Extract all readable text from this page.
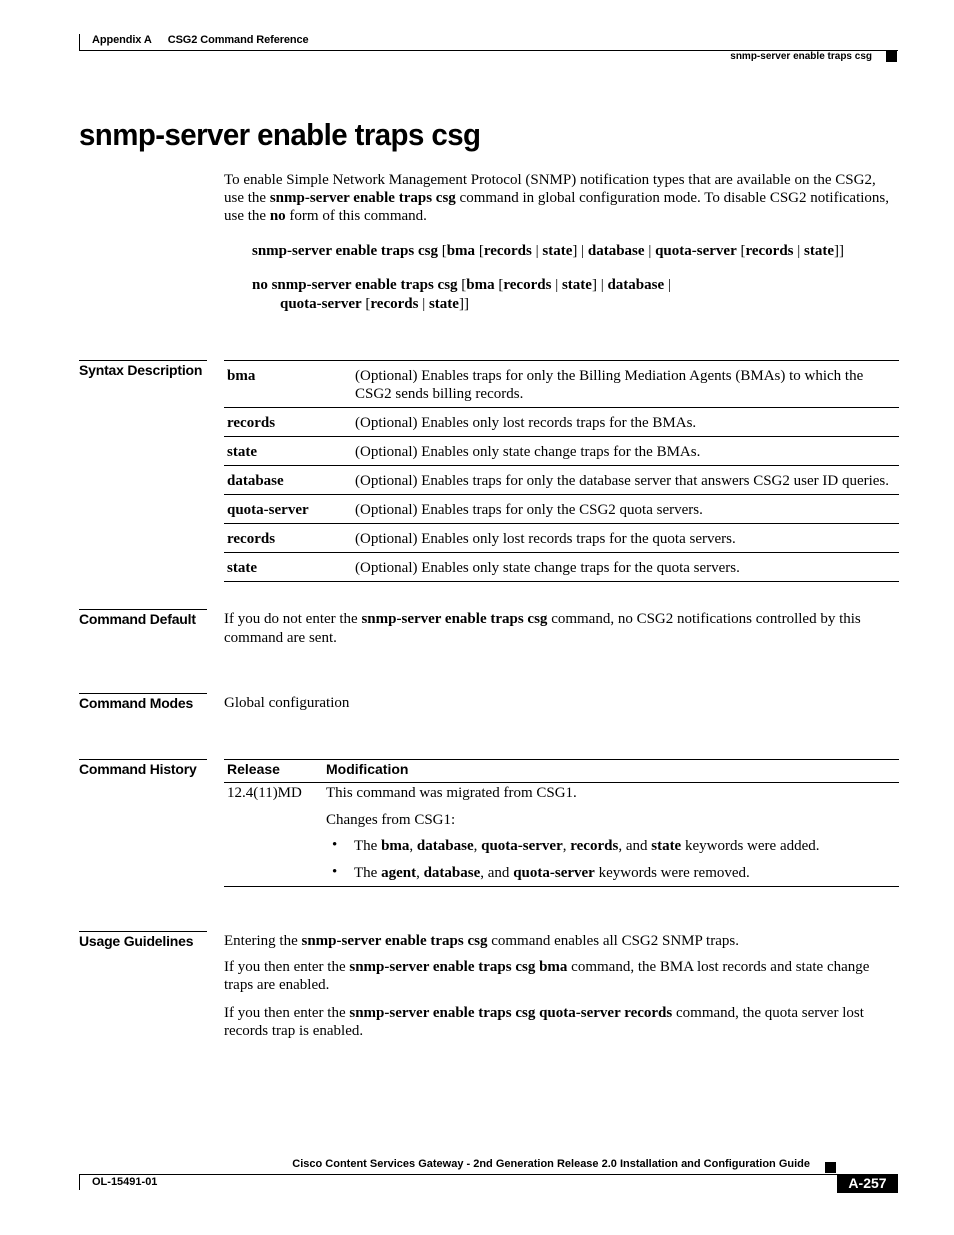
Appendix A CSG2 Command Reference
snmp-server enable traps csg
snmp-server enable traps csg
To enable Simple Network Management Protocol (SNMP) notification types that are available on the CSG2, use the snmp-server enable traps csg command in global configuration mode. To disable CSG2 notifications, use the no form of this command.
snmp-server enable traps csg [bma [records | state] | database | quota-server [records | state]]
no snmp-server enable traps csg [bma [records | state] | database |
quota-server [records | state]]
Syntax Description	bma	(Optional) Enables traps for only the Billing Mediation Agents (BMAs) to which the CSG2 sends billing records.
records	(Optional) Enables only lost records traps for the BMAs.
state	(Optional) Enables only state change traps for the BMAs.
database	(Optional) Enables traps for only the database server that answers CSG2 user ID queries.
quota-server	(Optional) Enables traps for only the CSG2 quota servers.
records	(Optional) Enables only lost records traps for the quota servers.
state	(Optional) Enables only state change traps for the quota servers.
Command Default	If you do not enter the snmp-server enable traps csg command, no CSG2 notifications controlled by this command are sent.
Command Modes	Global configuration
Command History	Release	Modification
12.4(11)MD This command was migrated from CSG1.
Changes from CSG1:
• The bma, database, quota-server, records, and state keywords were added.
• The agent, database, and quota-server keywords were removed.
Usage Guidelines	Entering the snmp-server enable traps csg command enables all CSG2 SNMP traps.
If you then enter the snmp-server enable traps csg bma command, the BMA lost records and state change traps are enabled.
If you then enter the snmp-server enable traps csg quota-server records command, the quota server lost records trap is enabled.
Cisco Content Services Gateway - 2nd Generation Release 2.0 Installation and Configuration Guide
OL-15491-01	A-257
